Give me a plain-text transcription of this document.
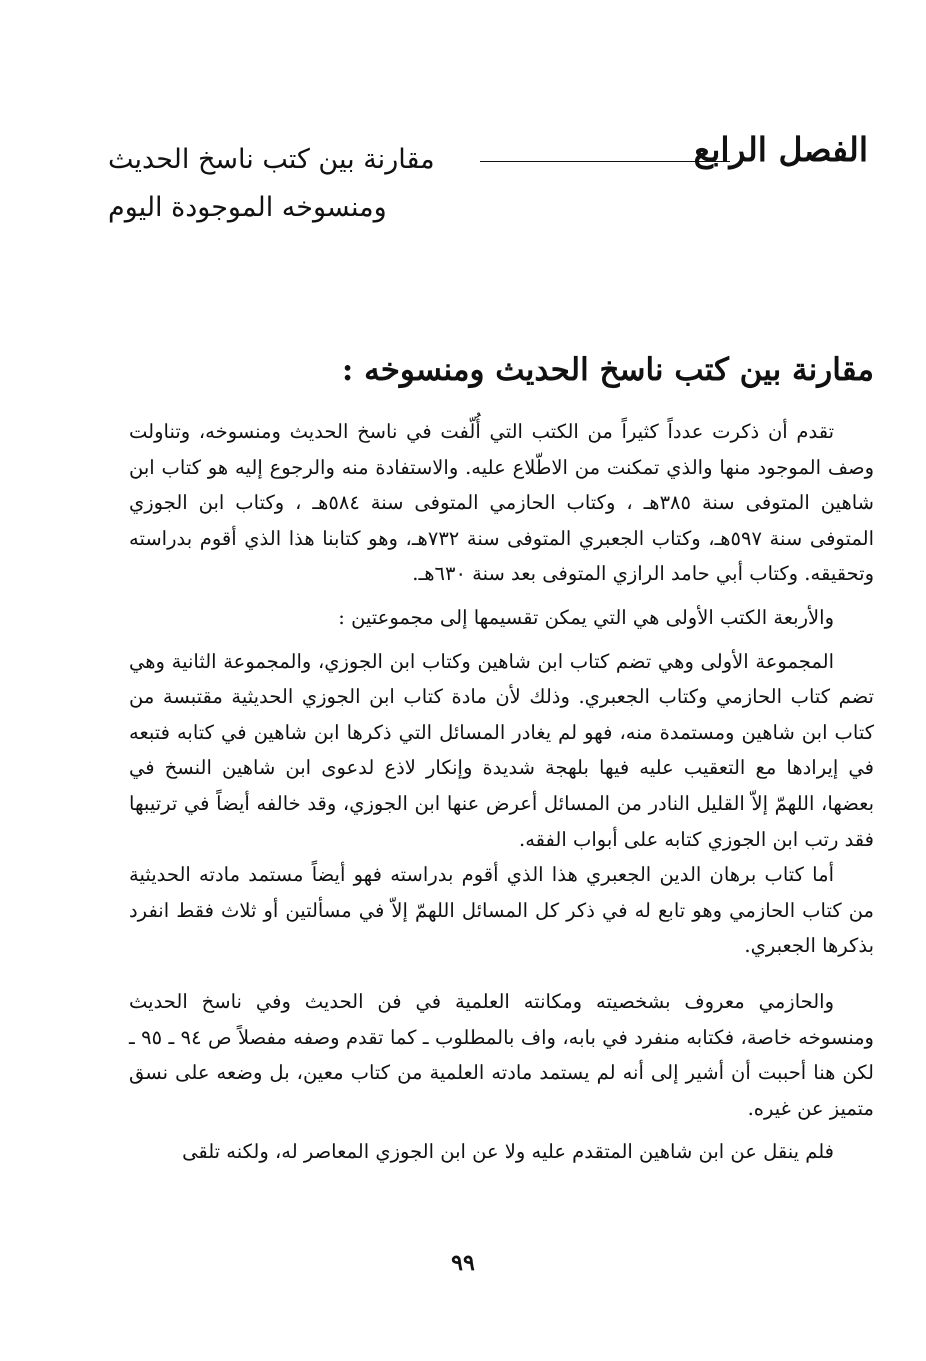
الفصل الرابع
مقارنة بين كتب ناسخ الحديث
ومنسوخه الموجودة اليوم
مقارنة بين كتب ناسخ الحديث ومنسوخه :

تقدم أن ذكرت عدداً كثيراً من الكتب التي أُلّفت في ناسخ الحديث ومنسوخه، وتناولت وصف الموجود منها والذي تمكنت من الاطّلاع عليه. والاستفادة منه والرجوع إليه هو كتاب ابن شاهين المتوفى سنة ٣٨٥هـ ، وكتاب الحازمي المتوفى سنة ٥٨٤هـ ، وكتاب ابن الجوزي المتوفى سنة ٥٩٧هـ، وكتاب الجعبري المتوفى سنة ٧٣٢هـ، وهو كتابنا هذا الذي أقوم بدراسته وتحقيقه. وكتاب أبي حامد الرازي المتوفى بعد سنة ٦٣٠هـ.

والأربعة الكتب الأولى هي التي يمكن تقسيمها إلى مجموعتين :

المجموعة الأولى وهي تضم كتاب ابن شاهين وكتاب ابن الجوزي، والمجموعة الثانية وهي تضم كتاب الحازمي وكتاب الجعبري. وذلك لأن مادة كتاب ابن الجوزي الحديثية مقتبسة من كتاب ابن شاهين ومستمدة منه، فهو لم يغادر المسائل التي ذكرها ابن شاهين في كتابه فتبعه في إيرادها مع التعقيب عليه فيها بلهجة شديدة وإنكار لاذع لدعوى ابن شاهين النسخ في بعضها، اللهمّ إلاّ القليل النادر من المسائل أعرض عنها ابن الجوزي، وقد خالفه أيضاً في ترتيبها فقد رتب ابن الجوزي كتابه على أبواب الفقه.

أما كتاب برهان الدين الجعبري هذا الذي أقوم بدراسته فهو أيضاً مستمد مادته الحديثية من كتاب الحازمي وهو تابع له في ذكر كل المسائل اللهمّ إلاّ في مسألتين أو ثلاث فقط انفرد بذكرها الجعبري.

والحازمي معروف بشخصيته ومكانته العلمية في فن الحديث وفي ناسخ الحديث ومنسوخه خاصة، فكتابه منفرد في بابه، واف بالمطلوب ـ كما تقدم وصفه مفصلاً ص ٩٤ ـ ٩٥ ـ لكن هنا أحببت أن أشير إلى أنه لم يستمد مادته العلمية من كتاب معين، بل وضعه على نسق متميز عن غيره.

فلم ينقل عن ابن شاهين المتقدم عليه ولا عن ابن الجوزي المعاصر له، ولكنه تلقى

٩٩
